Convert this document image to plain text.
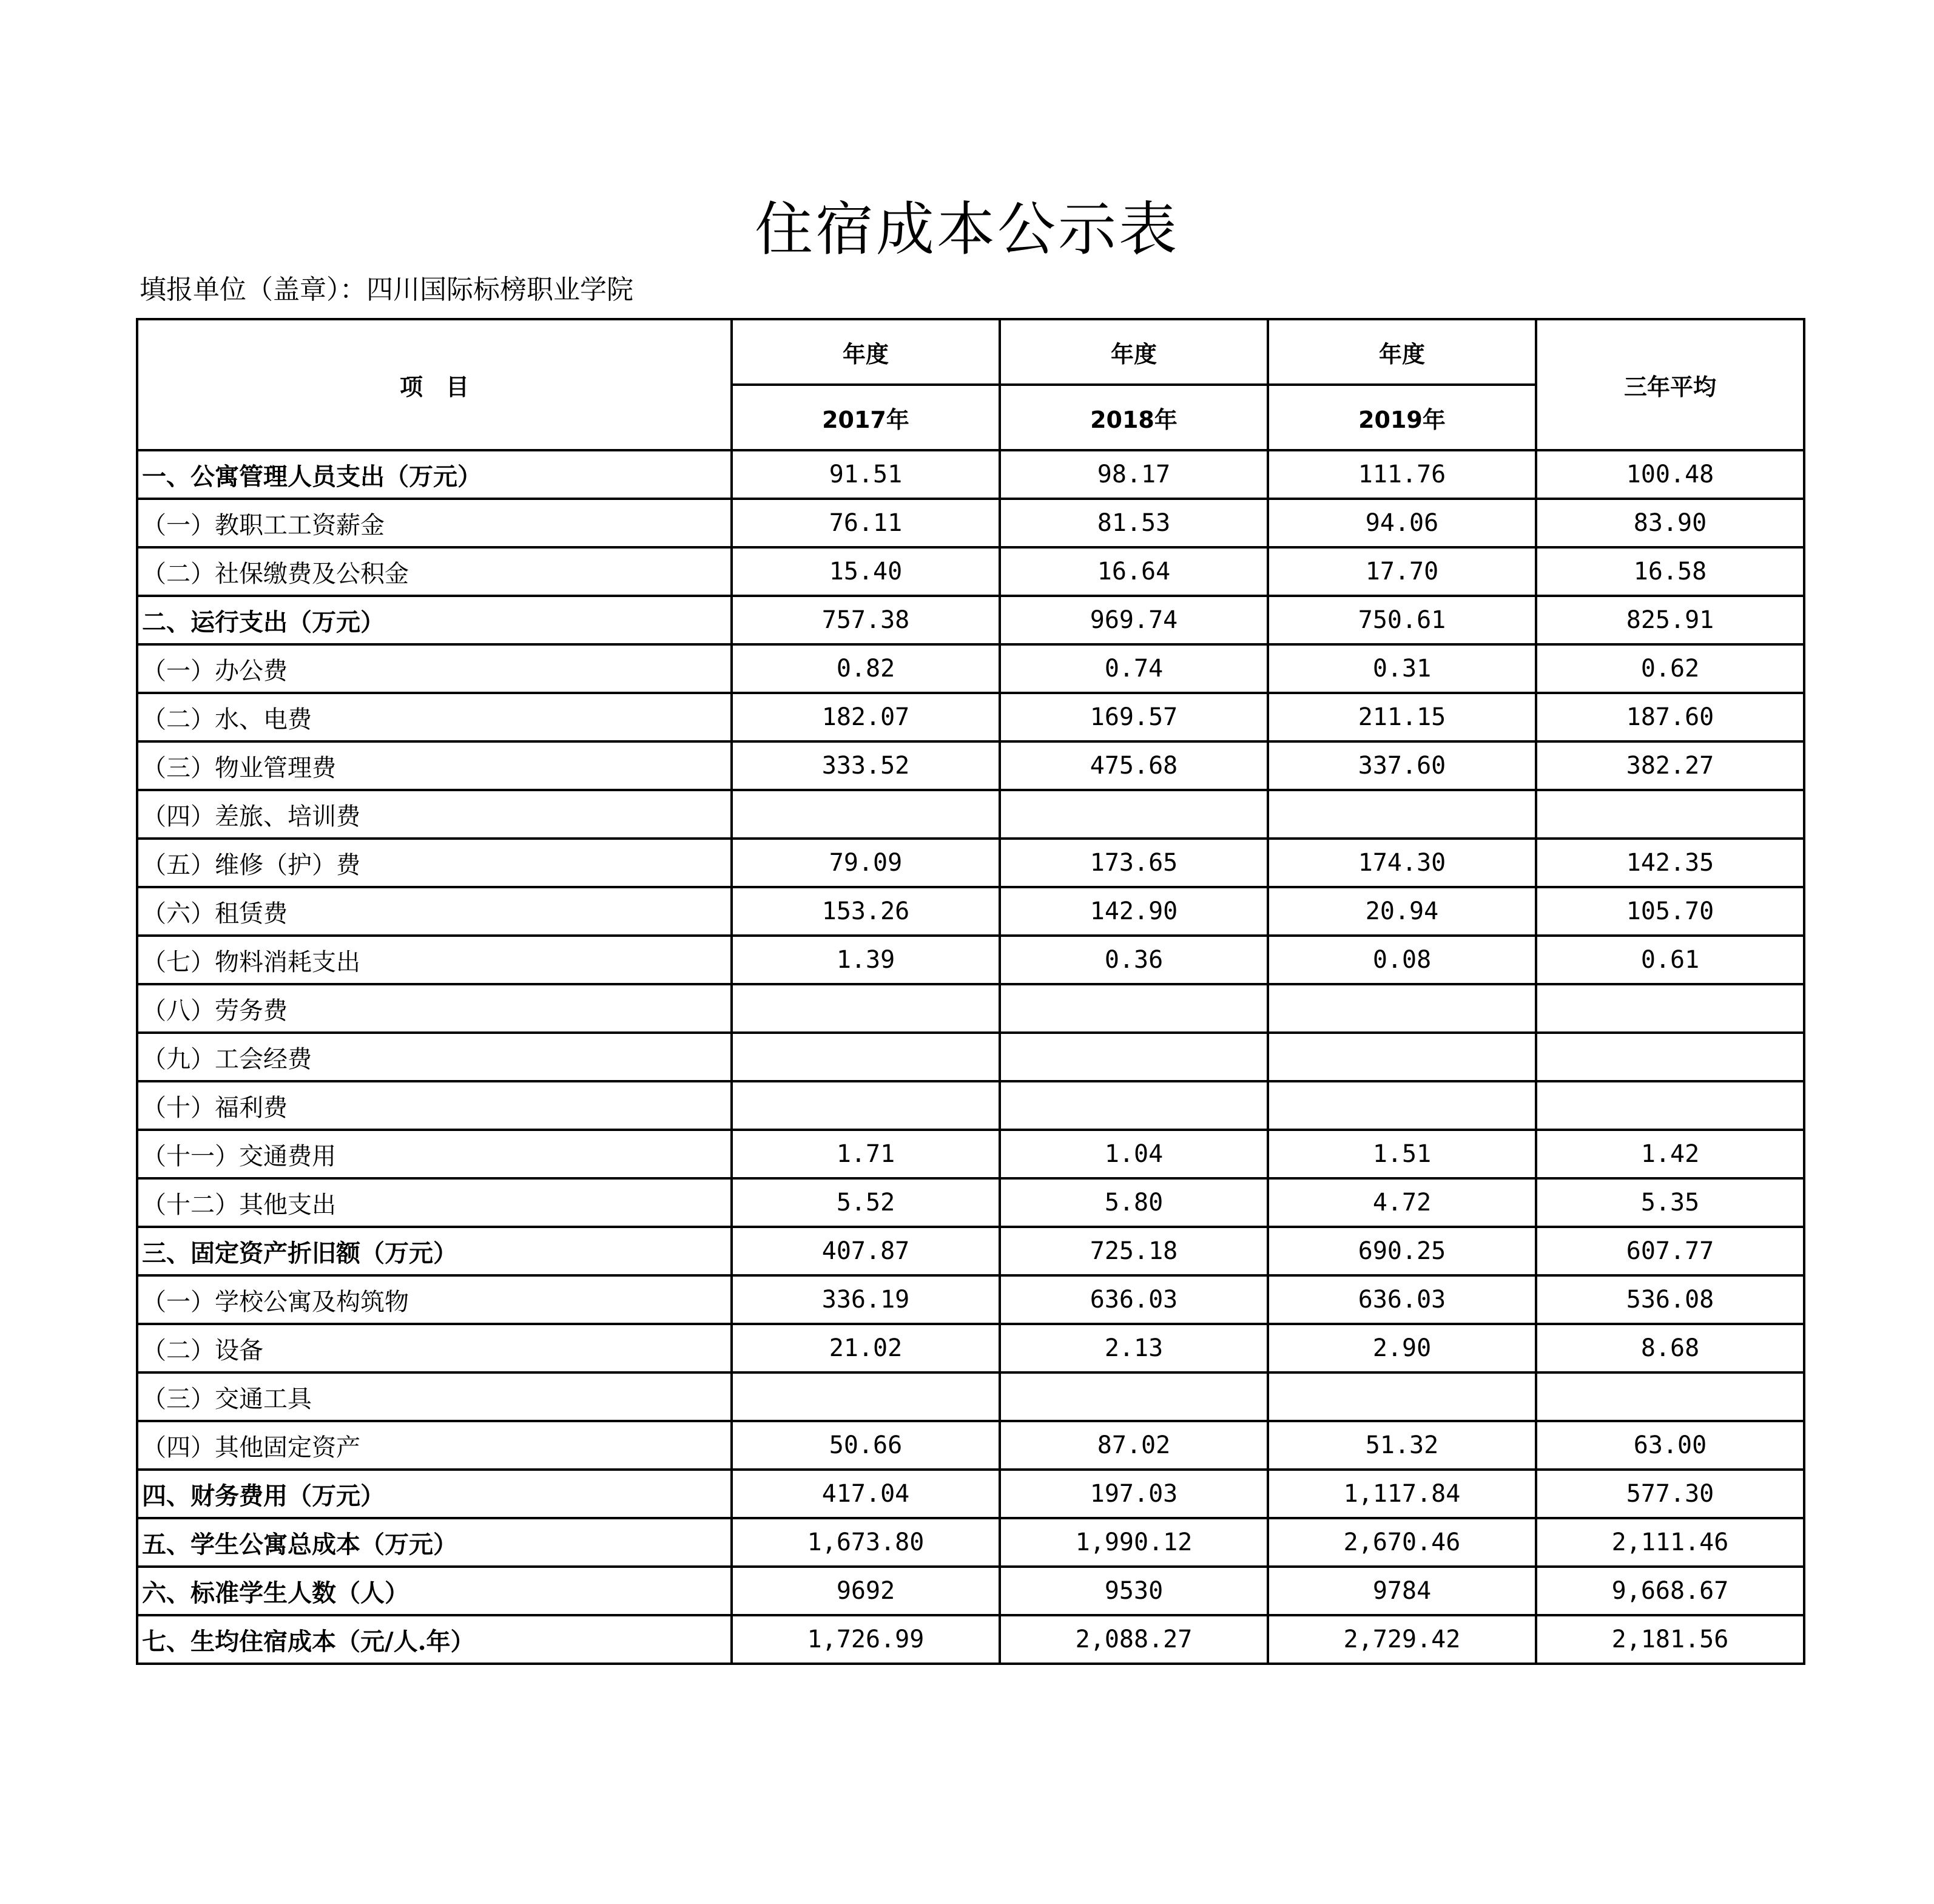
住宿成本公示表
填报单位（盖章）：四川国际标榜职业学院
项　目	年度	年度	年度	三年平均
	2017年	2018年	2019年	
一、公寓管理人员支出（万元）	91.51	98.17	111.76	100.48
（一）教职工工资薪金	76.11	81.53	94.06	83.90
（二）社保缴费及公积金	15.40	16.64	17.70	16.58
二、运行支出（万元）	757.38	969.74	750.61	825.91
（一）办公费	0.82	0.74	0.31	0.62
（二）水、电费	182.07	169.57	211.15	187.60
（三）物业管理费	333.52	475.68	337.60	382.27
（四）差旅、培训费				
（五）维修（护）费	79.09	173.65	174.30	142.35
（六）租赁费	153.26	142.90	20.94	105.70
（七）物料消耗支出	1.39	0.36	0.08	0.61
（八）劳务费				
（九）工会经费				
（十）福利费				
（十一）交通费用	1.71	1.04	1.51	1.42
（十二）其他支出	5.52	5.80	4.72	5.35
三、固定资产折旧额（万元）	407.87	725.18	690.25	607.77
（一）学校公寓及构筑物	336.19	636.03	636.03	536.08
（二）设备	21.02	2.13	2.90	8.68
（三）交通工具				
（四）其他固定资产	50.66	87.02	51.32	63.00
四、财务费用（万元）	417.04	197.03	1,117.84	577.30
五、学生公寓总成本（万元）	1,673.80	1,990.12	2,670.46	2,111.46
六、标准学生人数（人）	9692	9530	9784	9,668.67
七、生均住宿成本（元/人.年）	1,726.99	2,088.27	2,729.42	2,181.56
